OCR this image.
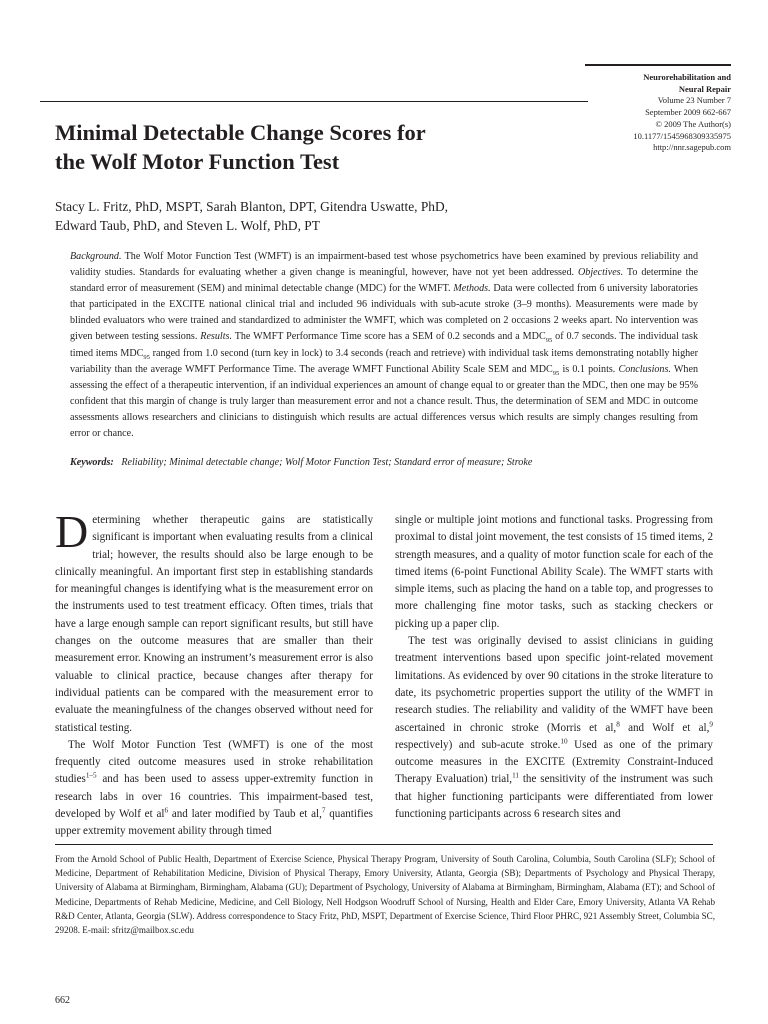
Neurorehabilitation and
Neural Repair
Volume 23 Number 7
September 2009 662-667
© 2009 The Author(s)
10.1177/1545968309335975
http://nnr.sagepub.com
Minimal Detectable Change Scores for
the Wolf Motor Function Test
Stacy L. Fritz, PhD, MSPT, Sarah Blanton, DPT, Gitendra Uswatte, PhD,
Edward Taub, PhD, and Steven L. Wolf, PhD, PT
Background. The Wolf Motor Function Test (WMFT) is an impairment-based test whose psychometrics have been examined by previous reliability and validity studies. Standards for evaluating whether a given change is meaningful, however, have not yet been addressed. Objectives. To determine the standard error of measurement (SEM) and minimal detectable change (MDC) for the WMFT. Methods. Data were collected from 6 university laboratories that participated in the EXCITE national clinical trial and included 96 individuals with sub-acute stroke (3–9 months). Measurements were made by blinded evaluators who were trained and standardized to administer the WMFT, which was completed on 2 occasions 2 weeks apart. No intervention was given between testing sessions. Results. The WMFT Performance Time score has a SEM of 0.2 seconds and a $MDC_{95}$ of 0.7 seconds. The individual task timed items $MDC_{95}$ ranged from 1.0 second (turn key in lock) to 3.4 seconds (reach and retrieve) with individual task items demonstrating notablly higher variability than the average WMFT Performance Time. The average WMFT Functional Ability Scale SEM and $MDC_{95}$ is 0.1 points. Conclusions. When assessing the effect of a therapeutic intervention, if an individual experiences an amount of change equal to or greater than the MDC, then one may be 95% confident that this margin of change is truly larger than measurement error and not a chance result. Thus, the determination of SEM and MDC in outcome assessments allows researchers and clinicians to distinguish which results are actual differences versus which results are simply changes resulting from error or chance.
Keywords: Reliability; Minimal detectable change; Wolf Motor Function Test; Standard error of measure; Stroke

Determining whether therapeutic gains are statistically significant is important when evaluating results from a clinical trial; however, the results should also be large enough to be clinically meaningful. An important first step in establishing standards for meaningful changes is identifying what is the measurement error on the instruments used to test treatment efficacy. Often times, trials that have a large enough sample can report significant results, but still have changes on the outcome measures that are smaller than their measurement error. Knowing an instrument’s measurement error is also valuable to clinical practice, because changes after therapy for individual patients can be compared with the measurement error to evaluate the meaningfulness of the changes observed without need for statistical testing.

The Wolf Motor Function Test (WMFT) is one of the most frequently cited outcome measures used in stroke rehabilitation studies$^{1-5}$ and has been used to assess upper-extremity function in research labs in over 16 countries. This impairment-based test, developed by Wolf et $al^6$ and later modified by Taub et al,$^7$ quantifies upper extremity movement ability through timed

single or multiple joint motions and functional tasks. Progressing from proximal to distal joint movement, the test consists of 15 timed items, 2 strength measures, and a quality of motor function scale for each of the timed items (6-point Functional Ability Scale). The WMFT starts with simple items, such as placing the hand on a table top, and progresses to more challenging fine motor tasks, such as stacking checkers or picking up a paper clip.

The test was originally devised to assist clinicians in guiding treatment interventions based upon specific joint-related movement limitations. As evidenced by over 90 citations in the stroke literature to date, its psychometric properties support the utility of the WMFT in research studies. The reliability and validity of the WMFT have been ascertained in chronic stroke (Morris et al,$^8$ and Wolf et al,$^9$ respectively) and sub-acute stroke.$^{10}$ Used as one of the primary outcome measures in the EXCITE (Extremity Constraint-Induced Therapy Evaluation) trial,$^{11}$ the sensitivity of the instrument was such that higher functioning participants were differentiated from lower functioning participants across 6 research sites and

From the Arnold School of Public Health, Department of Exercise Science, Physical Therapy Program, University of South Carolina, Columbia, South Carolina (SLF); School of Medicine, Department of Rehabilitation Medicine, Division of Physical Therapy, Emory University, Atlanta, Georgia (SB); Departments of Psychology and Physical Therapy, University of Alabama at Birmingham, Birmingham, Alabama (GU); Department of Psychology, University of Alabama at Birmingham, Birmingham, Alabama (ET); and School of Medicine, Departments of Rehab Medicine, Medicine, and Cell Biology, Nell Hodgson Woodruff School of Nursing, Health and Elder Care, Emory University, Atlanta VA Rehab R&D Center, Atlanta, Georgia (SLW). Address correspondence to Stacy Fritz, PhD, MSPT, Department of Exercise Science, Third Floor PHRC, 921 Assembly Street, Columbia SC, 29208. E-mail: sfritz@mailbox.sc.edu
662
